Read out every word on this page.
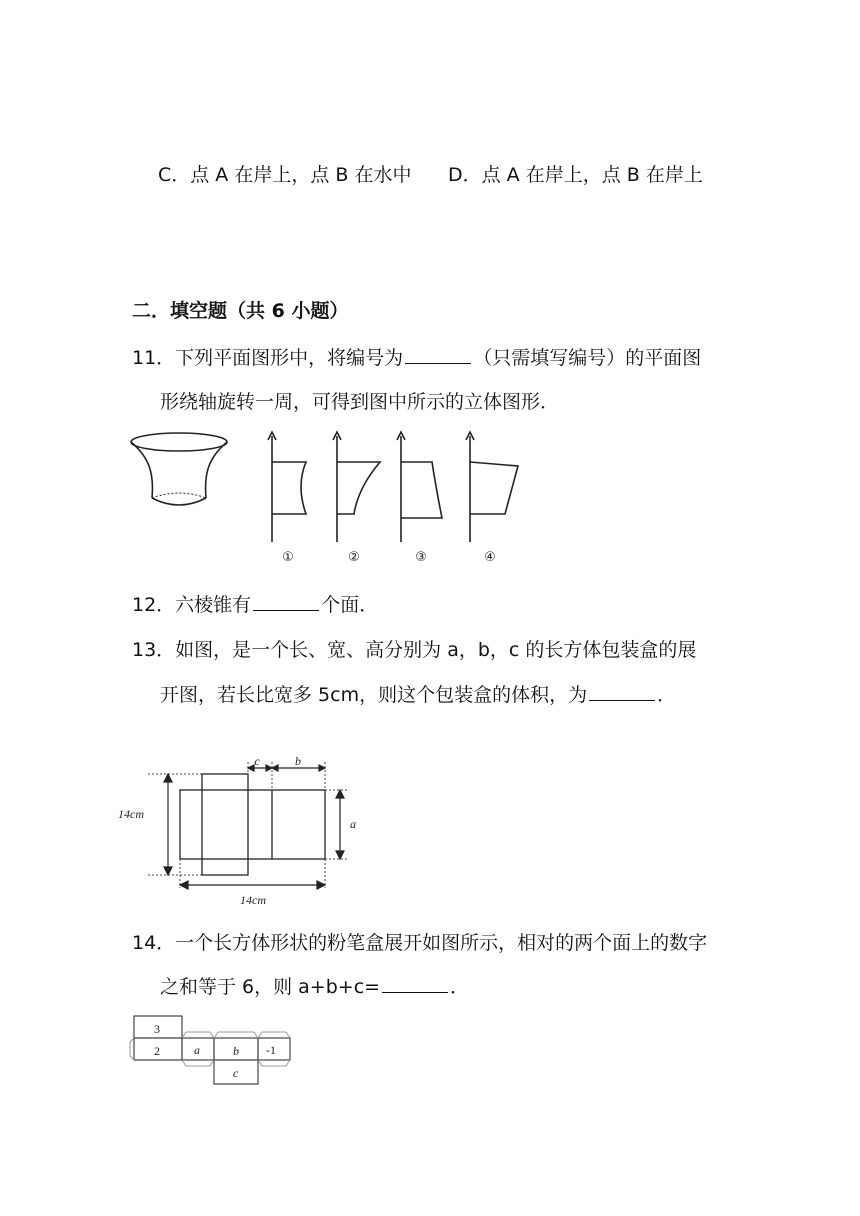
C．点 A 在岸上，点 B 在水中 D．点 A 在岸上，点 B 在岸上
二．填空题（共 6 小题）
11．下列平面图形中，将编号为	（只需填写编号）的平面图
形绕轴旋转一周，可得到图中所示的立体图形．
①	②	③	④
12．六棱锥有	个面．
13．如图，是一个长、宽、高分别为 a，b，c 的长方体包装盒的展
开图，若长比宽多 5cm，则这个包装盒的体积，为	．
14cm
14cm
c	b
a
14．一个长方体形状的粉笔盒展开如图所示，相对的两个面上的数字
之和等于 6，则 a+b+c=	．
3
2	a	b -1
c
